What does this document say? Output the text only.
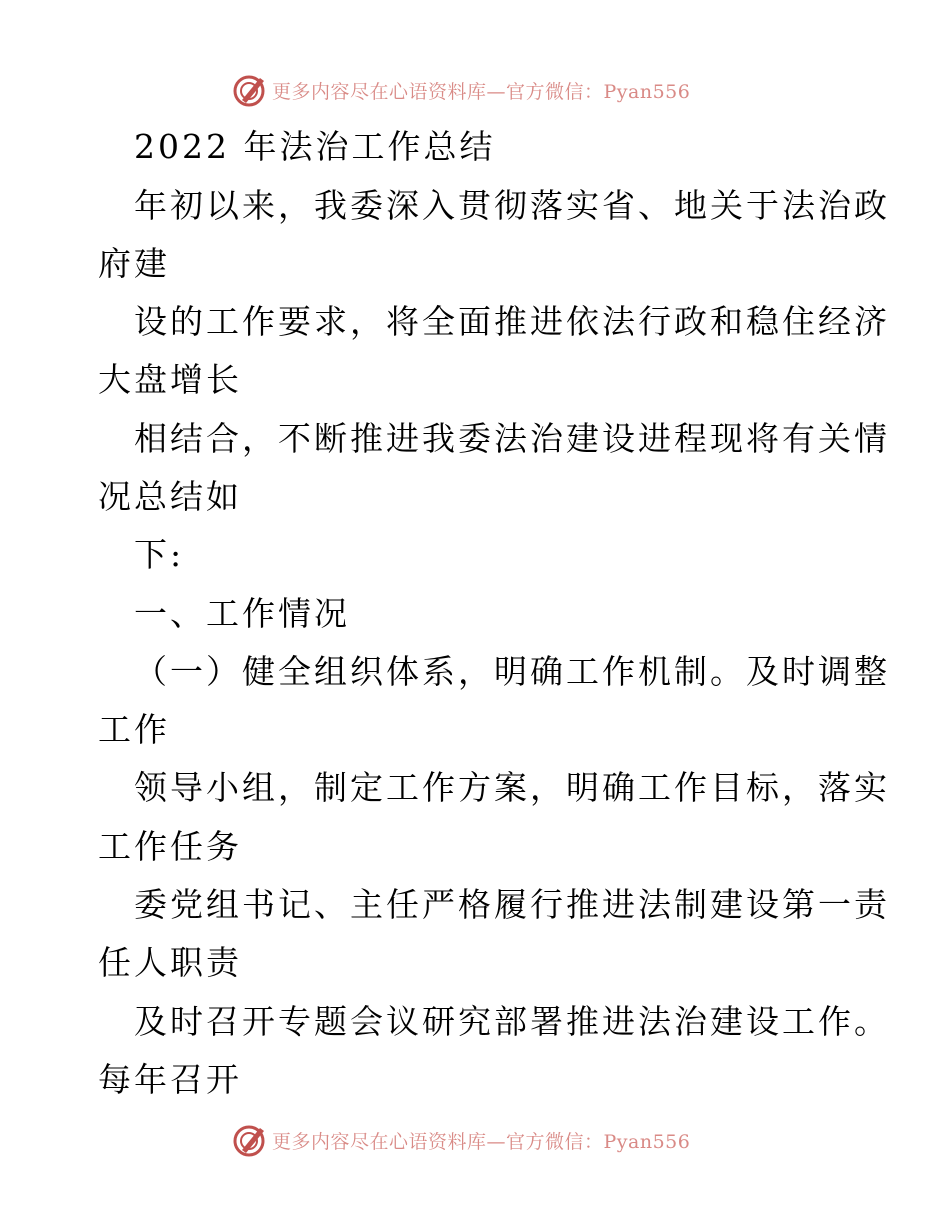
更多内容尽在心语资料库—官方微信：Pyan556
2022 年法治工作总结
年初以来，我委深入贯彻落实省、地关于法治政
府建
设的工作要求，将全面推进依法行政和稳住经济
大盘增长
相结合，不断推进我委法治建设进程现将有关情
况总结如
下:
一、工作情况
（一）健全组织体系，明确工作机制。及时调整
工作
领导小组，制定工作方案，明确工作目标，落实
工作任务
委党组书记、主任严格履行推进法制建设第一责
任人职责
及时召开专题会议研究部署推进法治建设工作。
每年召开
更多内容尽在心语资料库—官方微信：Pyan556
